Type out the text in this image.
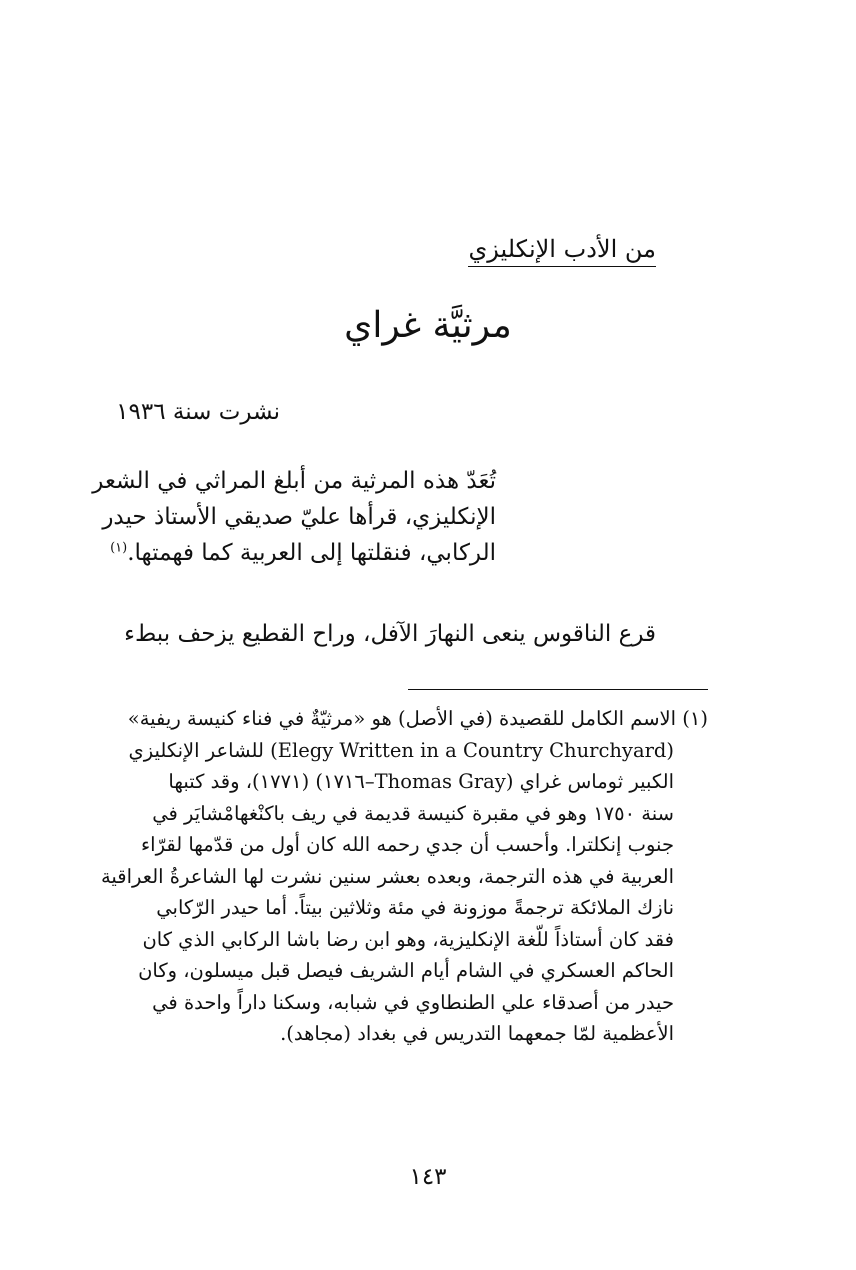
من الأدب الإنكليزي
مرثيَّة غراي
نشرت سنة ١٩٣٦
تُعَدّ هذه المرثية من أبلغ المراثي في الشعر
الإنكليزي، قرأها عليّ صديقي الأستاذ حيدر
الركابي، فنقلتها إلى العربية كما فهمتها.$^{(١)}$
قرع الناقوس ينعى النهارَ الآفل، وراح القطيع يزحف ببطء
(١) الاسم الكامل للقصيدة (في الأصل) هو «مرثيّةٌ في فناء كنيسة ريفية»
(Elegy Written in a Country Churchyard) للشاعر الإنكليزي
الكبير ثوماس غراي (Thomas Gray–١٧١٦) (١٧٧١)، وقد كتبها
سنة ١٧٥٠ وهو في مقبرة كنيسة قديمة في ريف باكنْغهامْشايَر في
جنوب إنكلترا. وأحسب أن جدي رحمه الله كان أول من قدّمها لقرّاء
العربية في هذه الترجمة، وبعده بعشر سنين نشرت لها الشاعرةُ العراقية
نازك الملائكة ترجمةً موزونة في مئة وثلاثين بيتاً. أما حيدر الرّكابي
فقد كان أستاذاً للّغة الإنكليزية، وهو ابن رضا باشا الركابي الذي كان
الحاكم العسكري في الشام أيام الشريف فيصل قبل ميسلون، وكان
حيدر من أصدقاء علي الطنطاوي في شبابه، وسكنا داراً واحدة في
الأعظمية لمّا جمعهما التدريس في بغداد (مجاهد).
١٤٣
